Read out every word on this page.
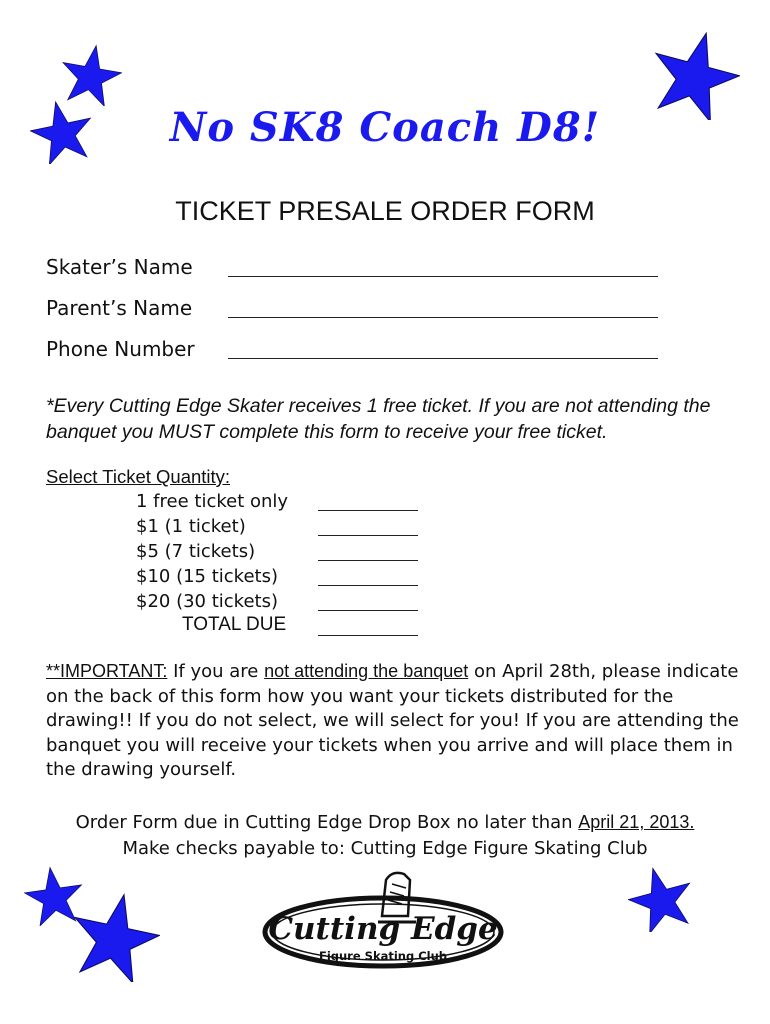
No SK8 Coach D8!
TICKET PRESALE ORDER FORM
Skater’s Name
Parent’s Name
Phone Number
*Every Cutting Edge Skater receives 1 free ticket. If you are not attending the banquet you MUST complete this form to receive your free ticket.
Select Ticket Quantity:
1 free ticket only
$1 (1 ticket)
$5 (7 tickets)
$10 (15 tickets)
$20 (30 tickets)
TOTAL DUE
**IMPORTANT: If you are not attending the banquet on April 28th, please indicate on the back of this form how you want your tickets distributed for the drawing!! If you do not select, we will select for you! If you are attending the banquet you will receive your tickets when you arrive and will place them in the drawing yourself.
Order Form due in Cutting Edge Drop Box no later than April 21, 2013.
Make checks payable to: Cutting Edge Figure Skating Club
Cutting Edge
Figure Skating Club
